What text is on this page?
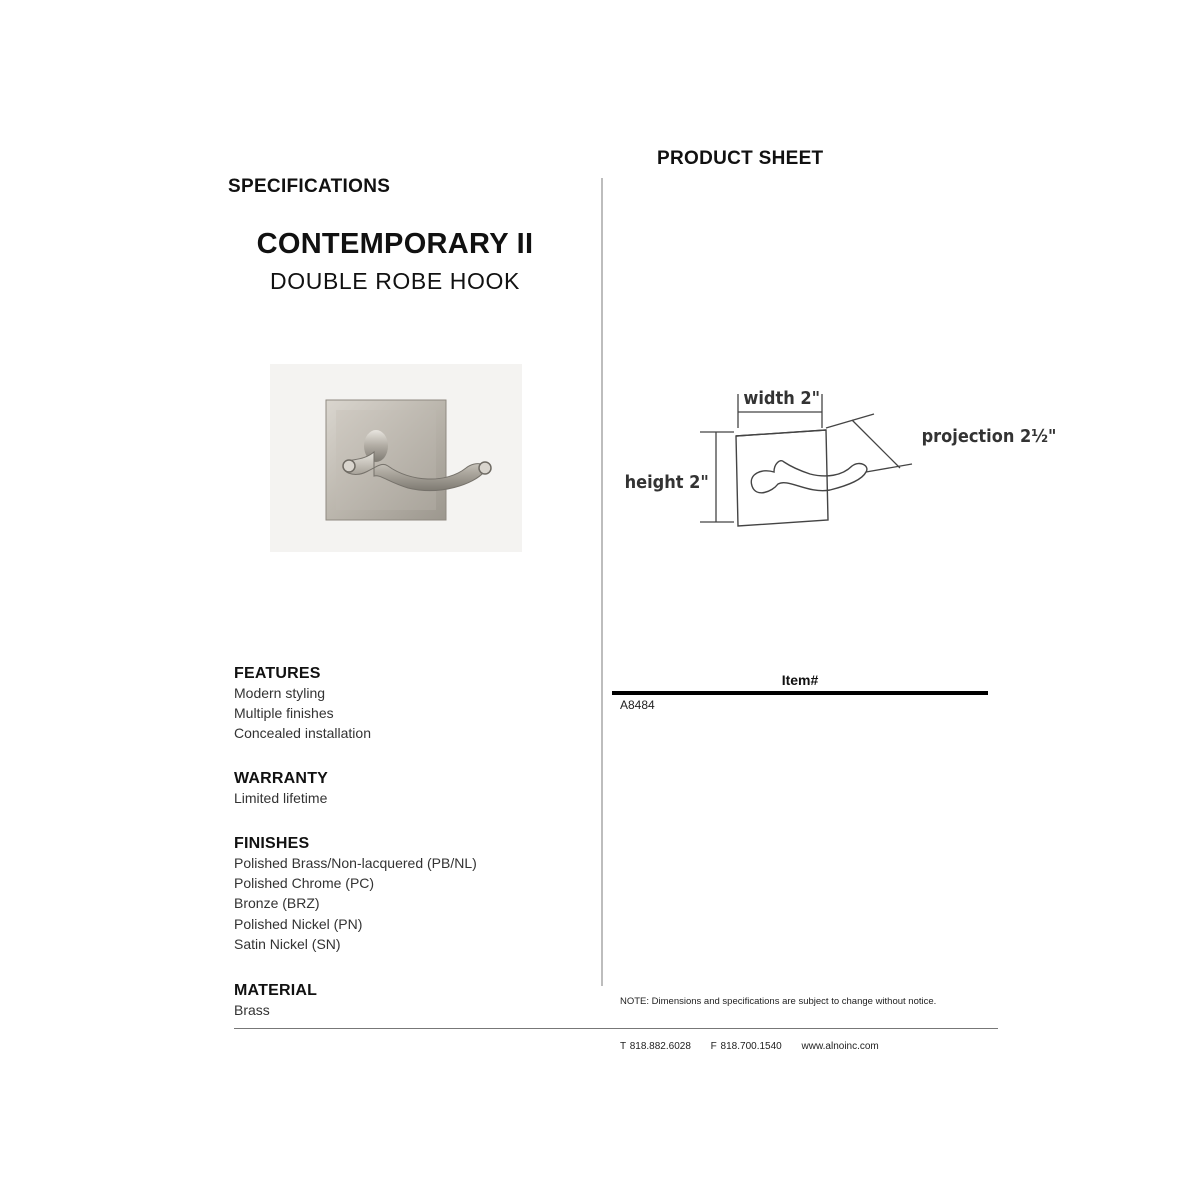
SPECIFICATIONS
PRODUCT SHEET
CONTEMPORARY II
DOUBLE ROBE HOOK
FEATURES
Modern styling
Multiple finishes
Concealed installation
WARRANTY
Limited lifetime
FINISHES
Polished Brass/Non-lacquered (PB/NL)
Polished Chrome (PC)
Bronze (BRZ)
Polished Nickel (PN)
Satin Nickel (SN)
MATERIAL
Brass
width 2"
height 2"
projection 2½"
Item#
A8484
NOTE: Dimensions and specifications are subject to change without notice.
T 818.882.6028 F 818.700.1540 www.alnoinc.com
